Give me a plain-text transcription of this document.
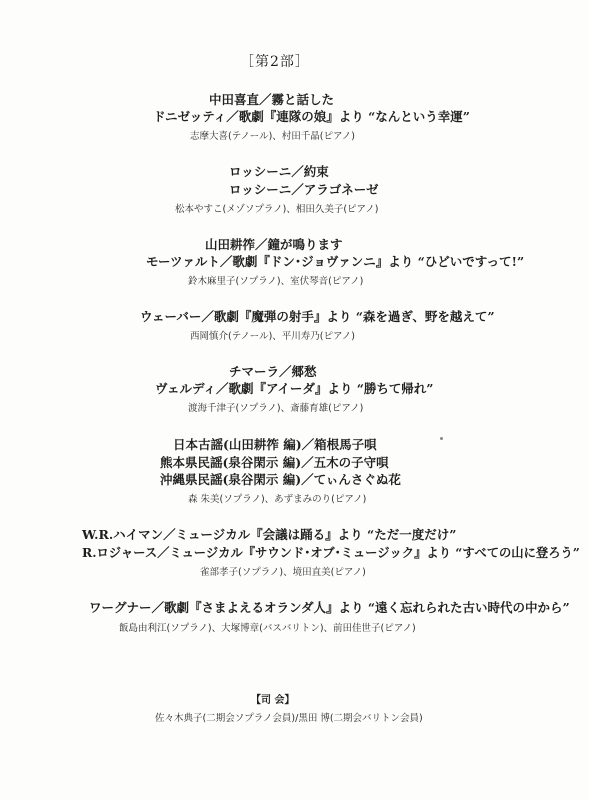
［第2部］
中田喜直／霧と話した
ドニゼッティ／歌劇『連隊の娘』より “なんという幸運”
志摩大喜(テノール)、村田千晶(ピアノ)
ロッシーニ／約束
ロッシーニ／アラゴネーゼ
松本やすこ(メゾソプラノ)、相田久美子(ピアノ)
山田耕筰／鐘が鳴ります
モーツァルト／歌劇『ドン･ジョヴァンニ』より “ひどいですって!”
鈴木麻里子(ソプラノ)、室伏琴音(ピアノ)
ウェーバー／歌劇『魔弾の射手』より “森を過ぎ、野を越えて”
西岡慎介(テノール)、平川寿乃(ピアノ)
チマーラ／郷愁
ヴェルディ／歌劇『アイーダ』より “勝ちて帰れ”
渡海千津子(ソプラノ)、斎藤育雄(ピアノ)
日本古謡(山田耕筰 編)／箱根馬子唄
熊本県民謡(泉谷閑示 編)／五木の子守唄
沖縄県民謡(泉谷閑示 編)／てぃんさぐぬ花
森 朱美(ソプラノ)、あずまみのり(ピアノ)
W.R.ハイマン／ミュージカル『会議は踊る』より “ただ一度だけ”
R.ロジャース／ミュージカル『サウンド･オブ･ミュージック』より “すべての山に登ろう”
雀部孝子(ソプラノ)、境田直美(ピアノ)
ワーグナー／歌劇『さまよえるオランダ人』より “遠く忘れられた古い時代の中から”
飯島由利江(ソプラノ)、大塚博章(バスバリトン)、前田佳世子(ピアノ)
【司 会】
佐々木典子(二期会ソプラノ会員)/黒田 博(二期会バリトン会員)
